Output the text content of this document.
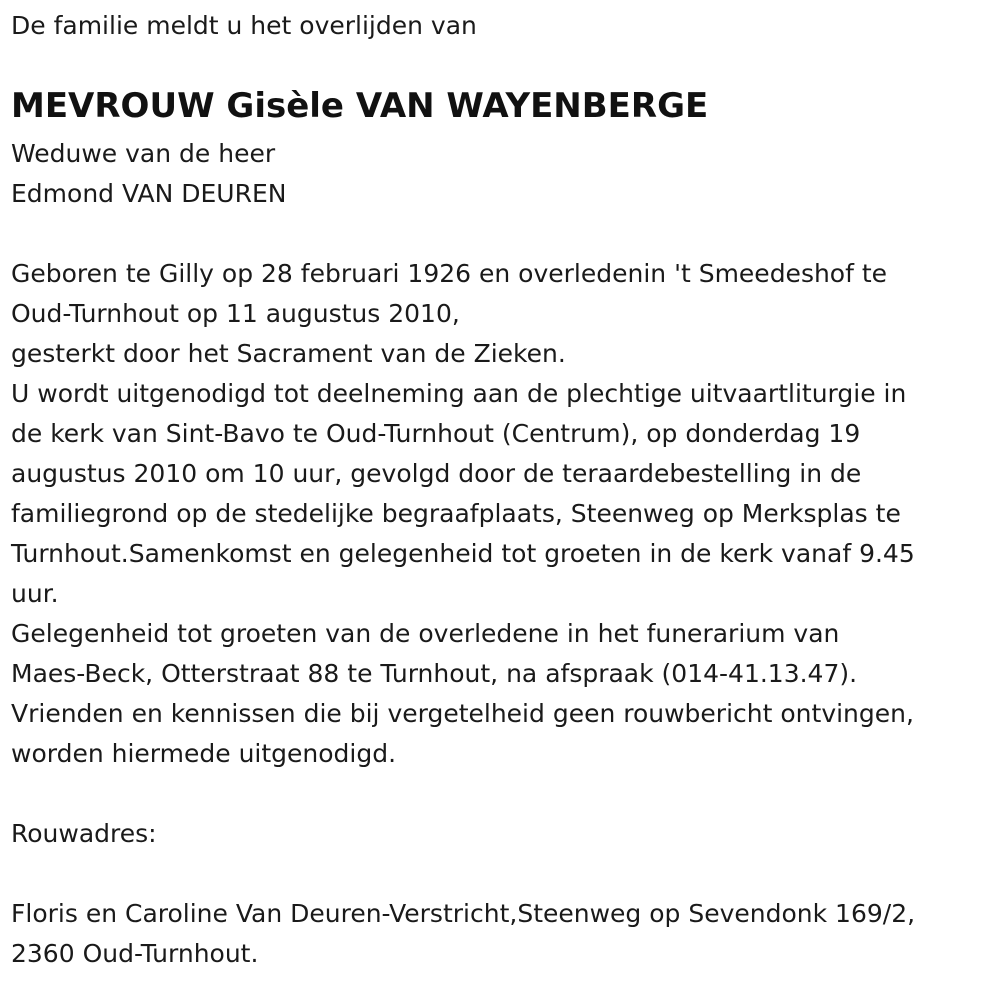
De familie meldt u het overlijden van
MEVROUW Gisèle VAN WAYENBERGE
Weduwe van de heer
Edmond VAN DEUREN
Geboren te Gilly op 28 februari 1926 en overledenin 't Smeedeshof te
Oud-Turnhout op 11 augustus 2010,
gesterkt door het Sacrament van de Zieken.
U wordt uitgenodigd tot deelneming aan de plechtige uitvaartliturgie in
de kerk van Sint-Bavo te Oud-Turnhout (Centrum), op donderdag 19
augustus 2010 om 10 uur, gevolgd door de teraardebestelling in de
familiegrond op de stedelijke begraafplaats, Steenweg op Merksplas te
Turnhout.Samenkomst en gelegenheid tot groeten in de kerk vanaf 9.45
uur.
Gelegenheid tot groeten van de overledene in het funerarium van
Maes-Beck, Otterstraat 88 te Turnhout, na afspraak (014-41.13.47).
Vrienden en kennissen die bij vergetelheid geen rouwbericht ontvingen,
worden hiermede uitgenodigd.
Rouwadres:
Floris en Caroline Van Deuren-Verstricht,Steenweg op Sevendonk 169/2,
2360 Oud-Turnhout.
